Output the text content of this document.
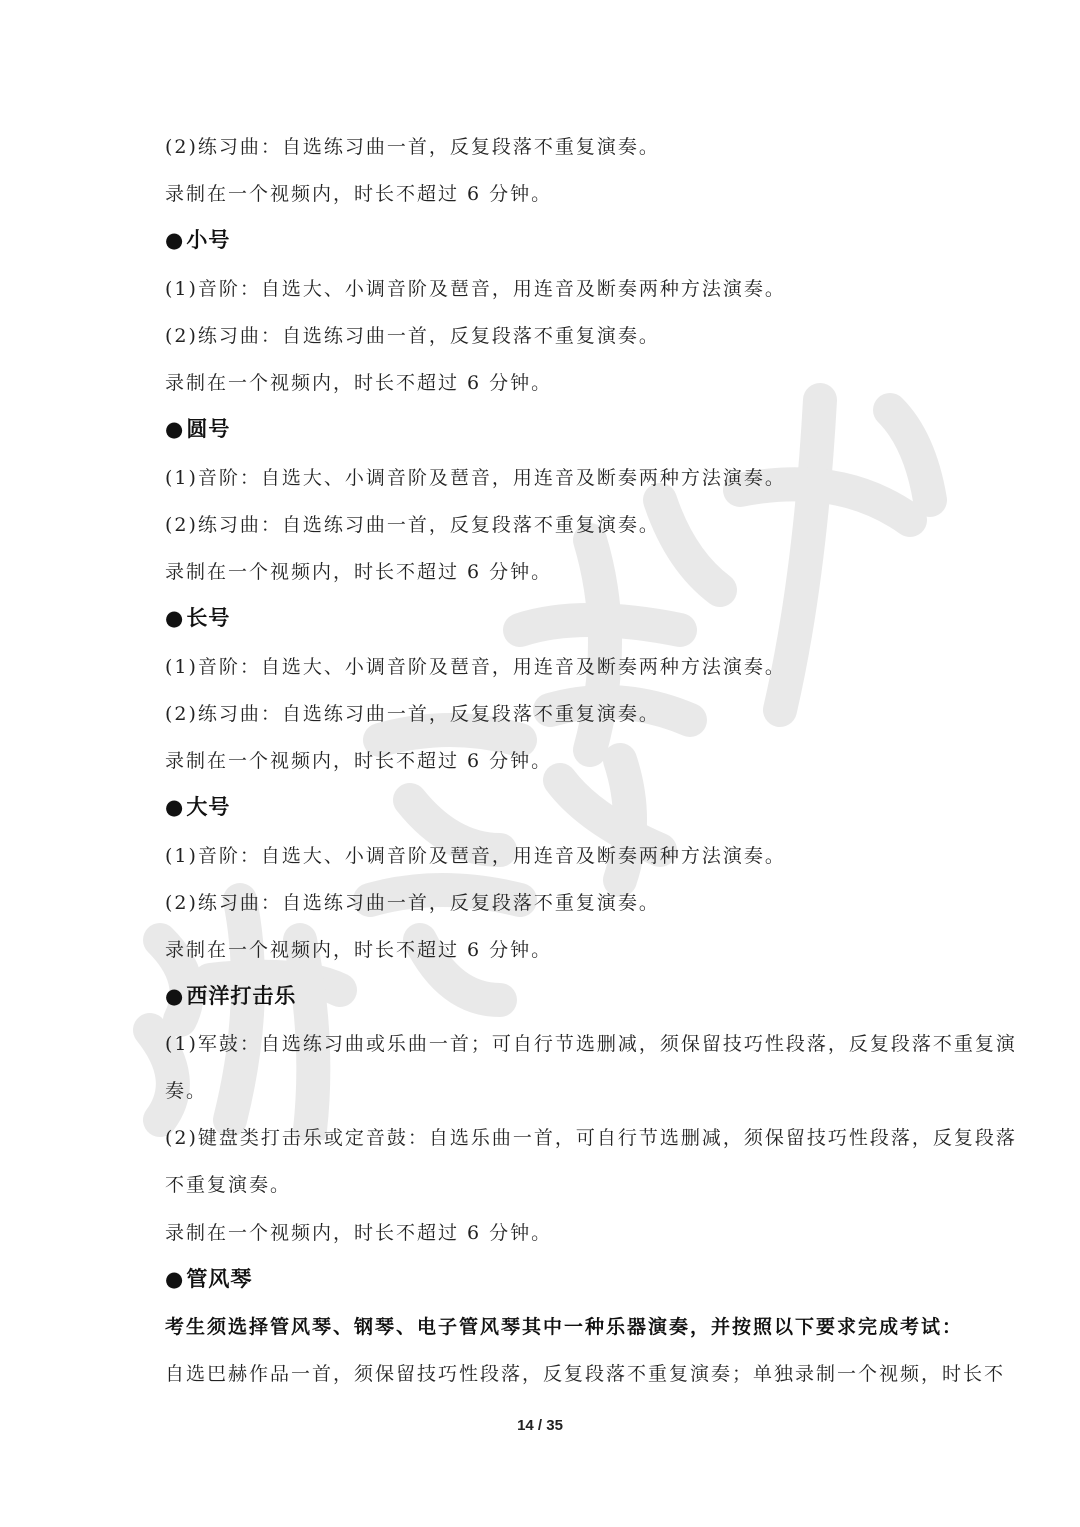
(2)练习曲：自选练习曲一首，反复段落不重复演奏。
录制在一个视频内，时长不超过 6 分钟。
●小号
(1)音阶：自选大、小调音阶及琶音，用连音及断奏两种方法演奏。
(2)练习曲：自选练习曲一首，反复段落不重复演奏。
录制在一个视频内，时长不超过 6 分钟。
●圆号
(1)音阶：自选大、小调音阶及琶音，用连音及断奏两种方法演奏。
(2)练习曲：自选练习曲一首，反复段落不重复演奏。
录制在一个视频内，时长不超过 6 分钟。
●长号
(1)音阶：自选大、小调音阶及琶音，用连音及断奏两种方法演奏。
(2)练习曲：自选练习曲一首，反复段落不重复演奏。
录制在一个视频内，时长不超过 6 分钟。
●大号
(1)音阶：自选大、小调音阶及琶音，用连音及断奏两种方法演奏。
(2)练习曲：自选练习曲一首，反复段落不重复演奏。
录制在一个视频内，时长不超过 6 分钟。
●西洋打击乐
(1)军鼓：自选练习曲或乐曲一首；可自行节选删减，须保留技巧性段落，反复段落不重复演
奏。
(2)键盘类打击乐或定音鼓：自选乐曲一首，可自行节选删减，须保留技巧性段落，反复段落
不重复演奏。
录制在一个视频内，时长不超过 6 分钟。
●管风琴
考生须选择管风琴、钢琴、电子管风琴其中一种乐器演奏，并按照以下要求完成考试：
自选巴赫作品一首，须保留技巧性段落，反复段落不重复演奏；单独录制一个视频，时长不
14 / 35
